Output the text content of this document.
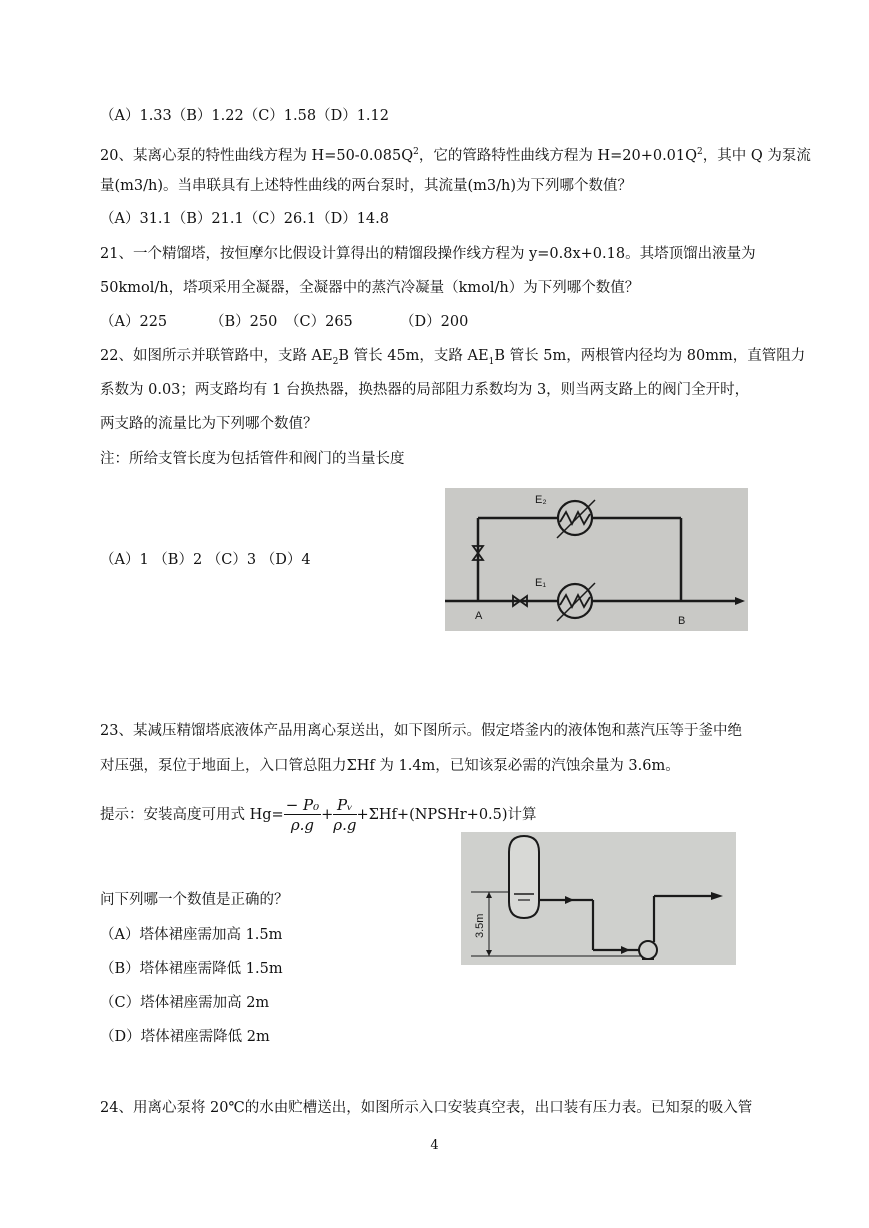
（A）1.33（B）1.22（C）1.58（D）1.12
20、某离心泵的特性曲线方程为 $H=50-0.085Q^2$，它的管路特性曲线方程为 $H=20+0.01Q^2$，其中 Q 为泵流
量(m3/h)。当串联具有上述特性曲线的两台泵时，其流量(m3/h)为下列哪个数值？
（A）31.1（B）21.1（C）26.1（D）14.8
21、一个精馏塔，按恒摩尔比假设计算得出的精馏段操作线方程为 y=0.8x+0.18。其塔顶馏出液量为
50kmol/h，塔项采用全凝器，全凝器中的蒸汽冷凝量（kmol/h）为下列哪个数值？
（A）225	（B）250 （C）265	（D）200
22、如图所示并联管路中，支路 $AE_2B$ 管长 45m，支路 $AE_1B$ 管长 5m，两根管内径均为 80mm，直管阻力
系数为 0.03；两支路均有 1 台换热器，换热器的局部阻力系数均为 3，则当两支路上的阀门全开时，
两支路的流量比为下列哪个数值？
注：所给支管长度为包括管件和阀门的当量长度
（A）1 （B）2 （C）3 （D）4
E₂
E₁
A	B
23、某减压精馏塔底液体产品用离心泵送出，如下图所示。假定塔釜内的液体饱和蒸汽压等于釜中绝
对压强，泵位于地面上，入口管总阻力ΣHf 为 1.4m，已知该泵必需的汽蚀余量为 3.6m。
提示：安装高度可用式 $Hg= \frac{\text{− P₀}}{\rho.g} + \frac{\text{Pᵥ}}{\rho.g}$ +ΣHf+(NPSHr+0.5)计算
问下列哪一个数值是正确的？
（A）塔体裙座需加高 1.5m
（B）塔体裙座需降低 1.5m
（C）塔体裙座需加高 2m
（D）塔体裙座需降低 2m
3.5m
24、用离心泵将 20℃的水由贮槽送出，如图所示入口安装真空表，出口装有压力表。已知泵的吸入管
4
